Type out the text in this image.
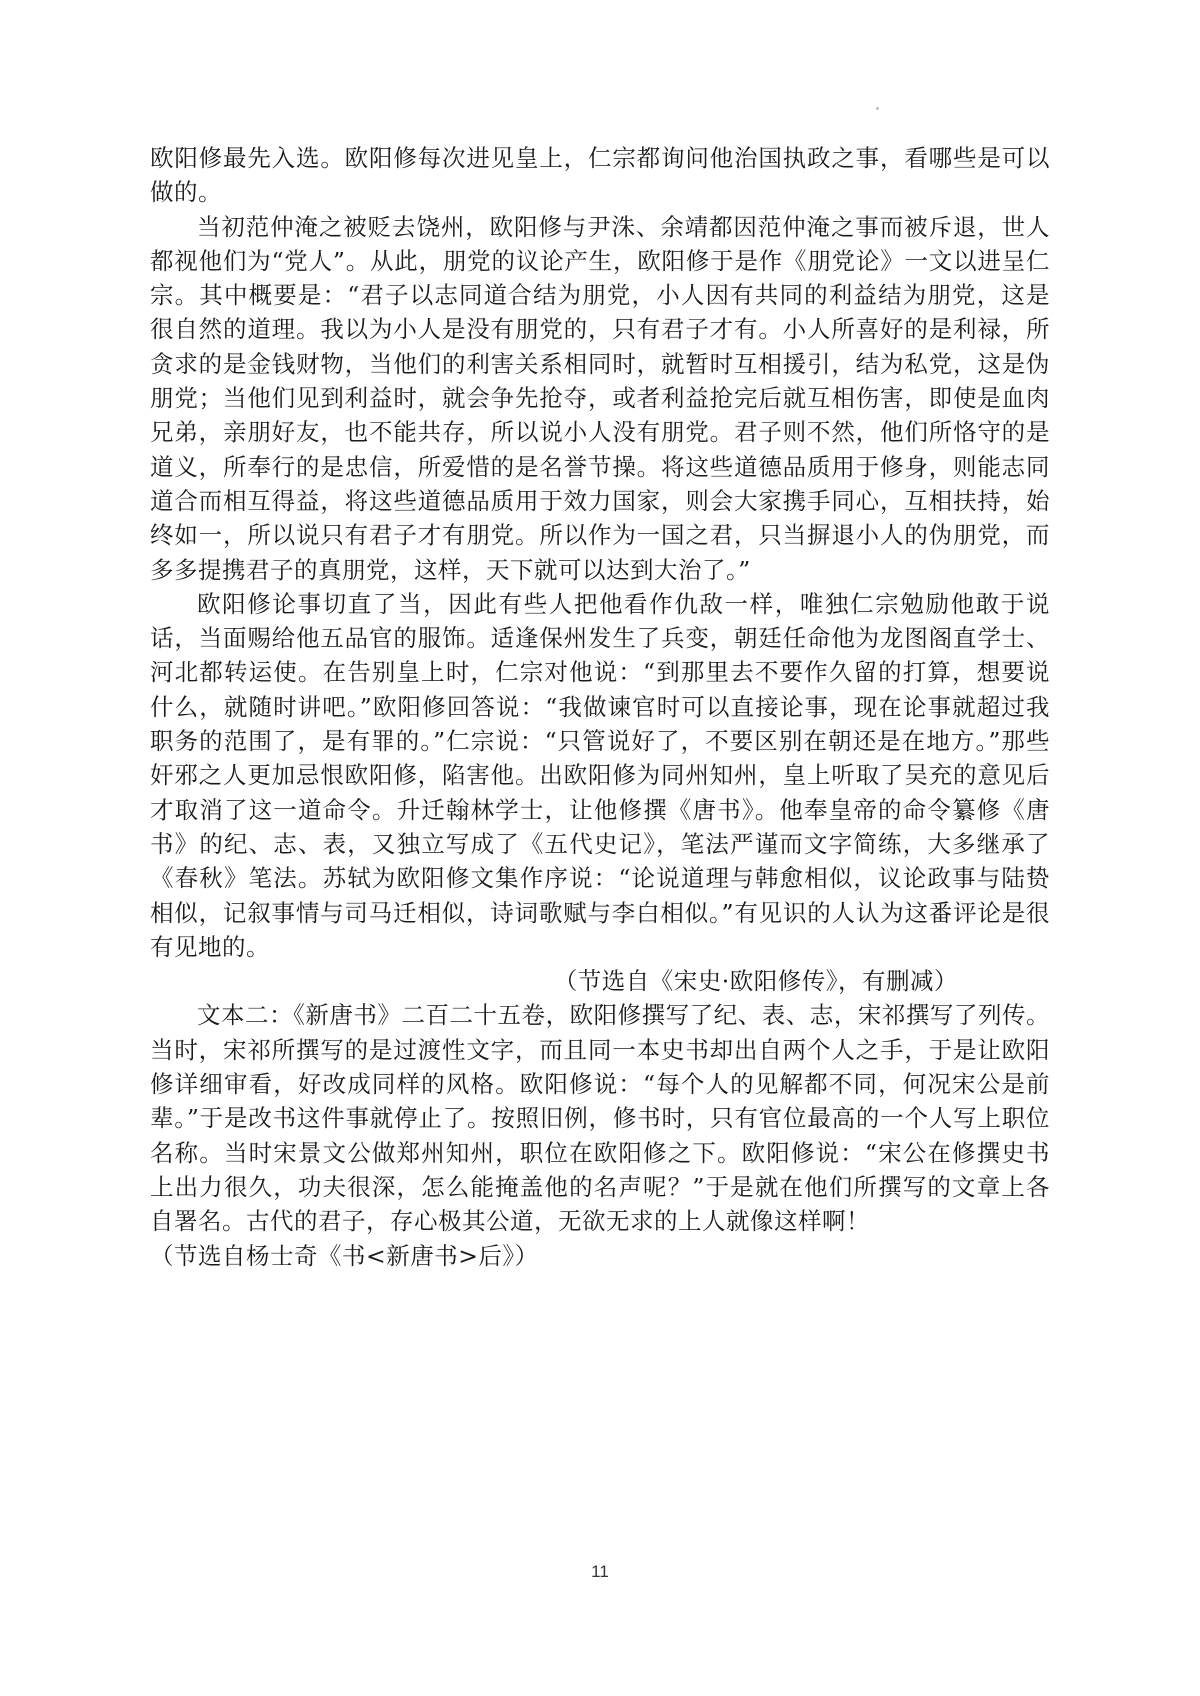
欧阳修最先入选。欧阳修每次进见皇上，仁宗都询问他治国执政之事，看哪些是可以做的。

当初范仲淹之被贬去饶州，欧阳修与尹洙、余靖都因范仲淹之事而被斥退，世人都视他们为“党人”。从此，朋党的议论产生，欧阳修于是作《朋党论》一文以进呈仁宗。其中概要是：“君子以志同道合结为朋党，小人因有共同的利益结为朋党，这是很自然的道理。我以为小人是没有朋党的，只有君子才有。小人所喜好的是利禄，所贪求的是金钱财物，当他们的利害关系相同时，就暂时互相援引，结为私党，这是伪朋党；当他们见到利益时，就会争先抢夺，或者利益抢完后就互相伤害，即使是血肉兄弟，亲朋好友，也不能共存，所以说小人没有朋党。君子则不然，他们所恪守的是道义，所奉行的是忠信，所爱惜的是名誉节操。将这些道德品质用于修身，则能志同道合而相互得益，将这些道德品质用于效力国家，则会大家携手同心，互相扶持，始终如一，所以说只有君子才有朋党。所以作为一国之君，只当摒退小人的伪朋党，而多多提携君子的真朋党，这样，天下就可以达到大治了。”

欧阳修论事切直了当，因此有些人把他看作仇敌一样，唯独仁宗勉励他敢于说话，当面赐给他五品官的服饰。适逢保州发生了兵变，朝廷任命他为龙图阁直学士、河北都转运使。在告别皇上时，仁宗对他说：“到那里去不要作久留的打算，想要说什么，就随时讲吧。”欧阳修回答说：“我做谏官时可以直接论事，现在论事就超过我职务的范围了，是有罪的。”仁宗说：“只管说好了，不要区别在朝还是在地方。”那些奸邪之人更加忌恨欧阳修，陷害他。出欧阳修为同州知州，皇上听取了吴充的意见后才取消了这一道命令。升迁翰林学士，让他修撰《唐书》。他奉皇帝的命令纂修《唐书》的纪、志、表，又独立写成了《五代史记》，笔法严谨而文字简练，大多继承了《春秋》笔法。苏轼为欧阳修文集作序说：“论说道理与韩愈相似，议论政事与陆贽相似，记叙事情与司马迁相似，诗词歌赋与李白相似。”有见识的人认为这番评论是很有见地的。

（节选自《宋史·欧阳修传》，有删减）

文本二：《新唐书》二百二十五卷，欧阳修撰写了纪、表、志，宋祁撰写了列传。当时，宋祁所撰写的是过渡性文字，而且同一本史书却出自两个人之手，于是让欧阳修详细审看，好改成同样的风格。欧阳修说：“每个人的见解都不同，何况宋公是前辈。”于是改书这件事就停止了。按照旧例，修书时，只有官位最高的一个人写上职位名称。当时宋景文公做郑州知州，职位在欧阳修之下。欧阳修说：“宋公在修撰史书上出力很久，功夫很深，怎么能掩盖他的名声呢？”于是就在他们所撰写的文章上各自署名。古代的君子，存心极其公道，无欲无求的上人就像这样啊！

（节选自杨士奇《书<新唐书>后》）

11
